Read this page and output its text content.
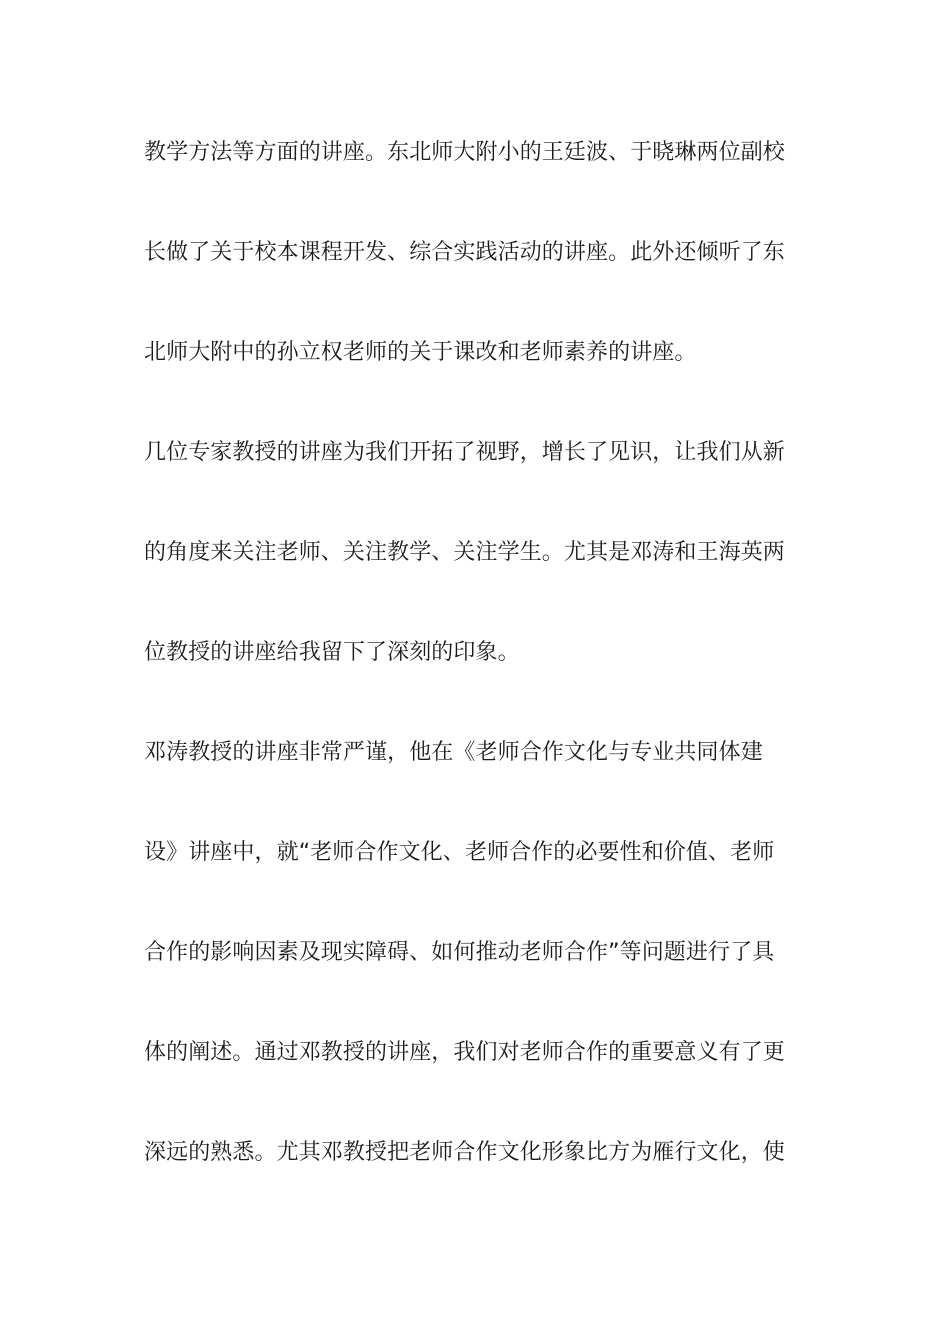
教学方法等方面的讲座。东北师大附小的王廷波、于晓琳两位副校
长做了关于校本课程开发、综合实践活动的讲座。此外还倾听了东
北师大附中的孙立权老师的关于课改和老师素养的讲座。
几位专家教授的讲座为我们开拓了视野，增长了见识，让我们从新
的角度来关注老师、关注教学、关注学生。尤其是邓涛和王海英两
位教授的讲座给我留下了深刻的印象。
邓涛教授的讲座非常严谨，他在《老师合作文化与专业共同体建
设》讲座中，就“老师合作文化、老师合作的必要性和价值、老师
合作的影响因素及现实障碍、如何推动老师合作”等问题进行了具
体的阐述。通过邓教授的讲座，我们对老师合作的重要意义有了更
深远的熟悉。尤其邓教授把老师合作文化形象比方为雁行文化，使
